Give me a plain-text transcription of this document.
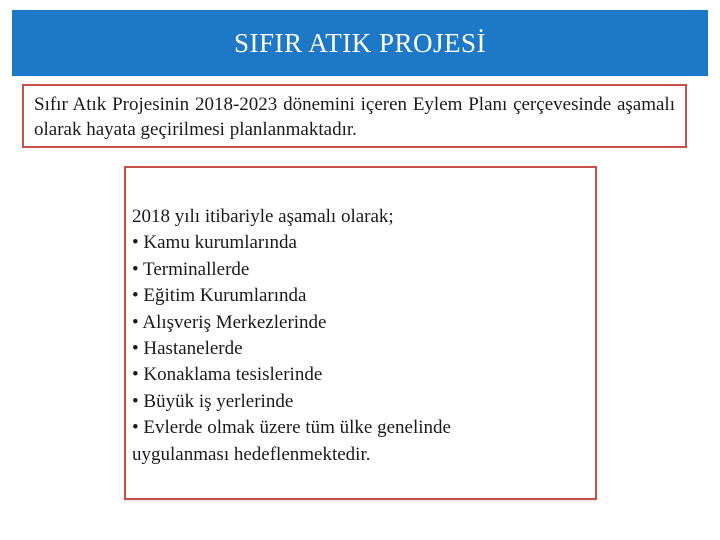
SIFIR ATIK PROJESİ

Sıfır Atık Projesinin 2018-2023 dönemini içeren Eylem Planı çerçevesinde aşamalı olarak hayata geçirilmesi planlanmaktadır.

2018 yılı itibariyle aşamalı olarak;
• Kamu kurumlarında
• Terminallerde
• Eğitim Kurumlarında
• Alışveriş Merkezlerinde
• Hastanelerde
• Konaklama tesislerinde
• Büyük iş yerlerinde
• Evlerde olmak üzere tüm ülke genelinde
uygulanması hedeflenmektedir.
